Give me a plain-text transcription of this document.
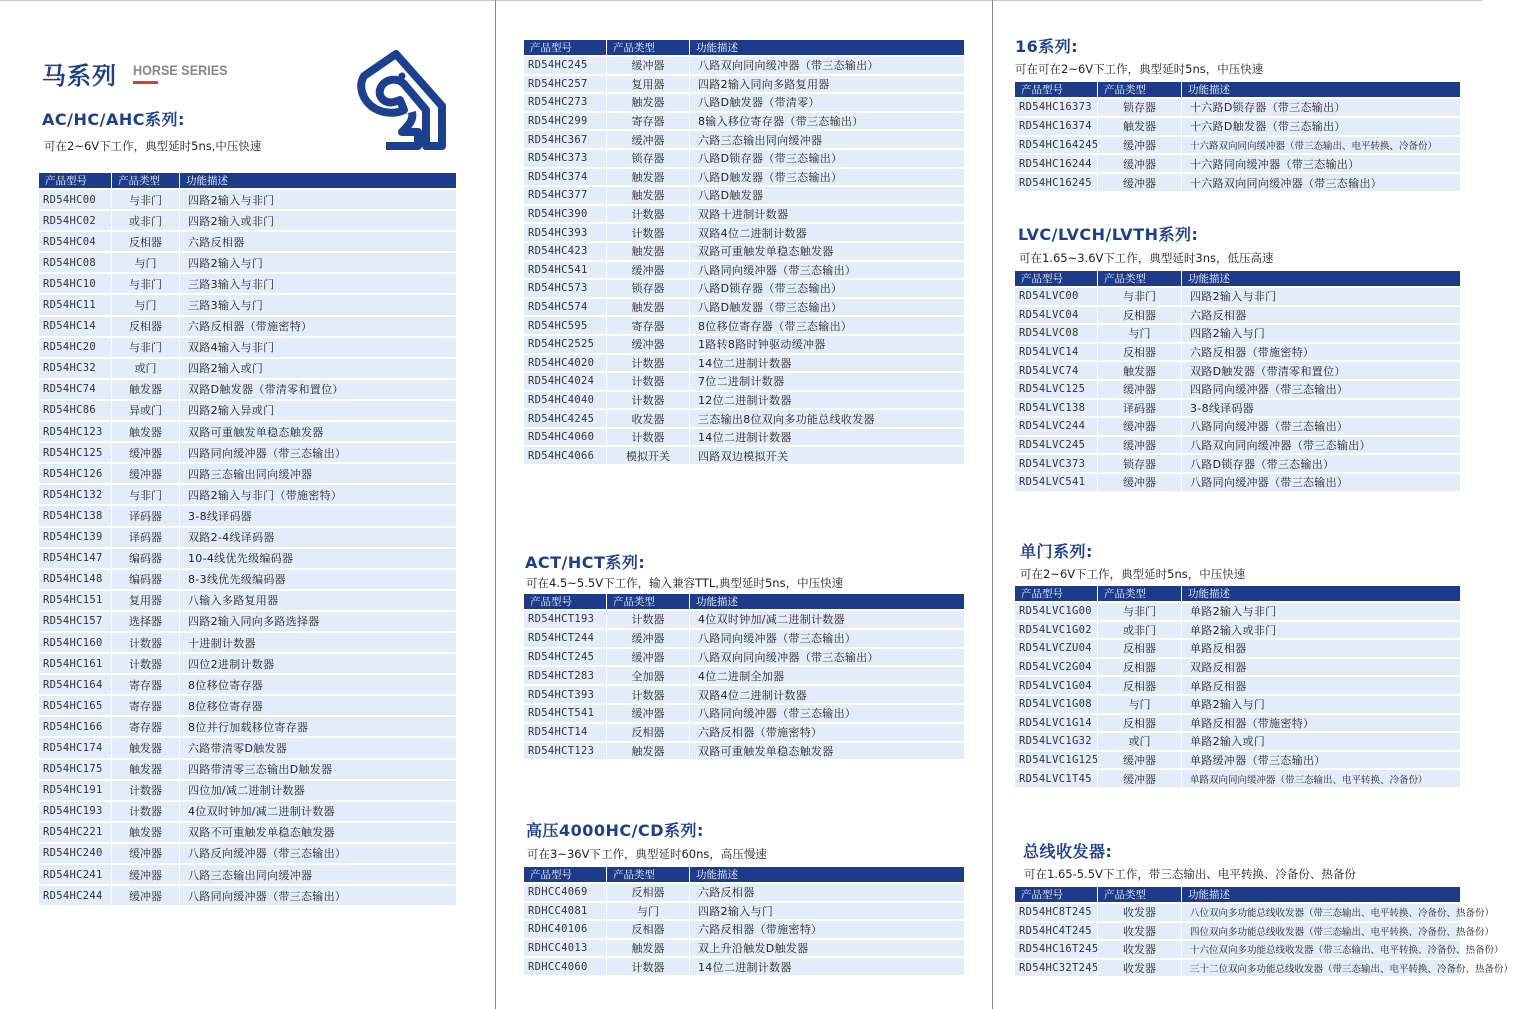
马系列 HORSE SERIES
AC/HC/AHC系列:
可在2~6V下工作，典型延时5ns,中压快速
ACT/HCT系列:
可在4.5~5.5V下工作，输入兼容TTL,典型延时5ns，中压快速
高压4000HC/CD系列:
可在3~36V下工作，典型延时60ns，高压慢速
16系列:
可在可在2~6V下工作，典型延时5ns，中压快速
LVC/LVCH/LVTH系列:
可在1.65~3.6V下工作，典型延时3ns，低压高速
单门系列:
可在2~6V下工作，典型延时5ns，中压快速
总线收发器:
可在1.65-5.5V下工作，带三态输出、电平转换、冷备份、热备份
产品型号	产品类型	功能描述
RD54HC00	与非门	四路2输入与非门
RD54HC02	或非门	四路2输入或非门
RD54HC04	反相器	六路反相器
RD54HC08	与门	四路2输入与门
RD54HC10	与非门	三路3输入与非门
RD54HC11	与门	三路3输入与门
RD54HC14	反相器	六路反相器（带施密特）
RD54HC20	与非门	双路4输入与非门
RD54HC32	或门	四路2输入或门
RD54HC74	触发器	双路D触发器（带清零和置位）
RD54HC86	异或门	四路2输入异或门
RD54HC123	触发器	双路可重触发单稳态触发器
RD54HC125	缓冲器	四路同向缓冲器（带三态输出）
RD54HC126	缓冲器	四路三态输出同向缓冲器
RD54HC132	与非门	四路2输入与非门（带施密特）
RD54HC138	译码器	3-8线译码器
RD54HC139	译码器	双路2-4线译码器
RD54HC147	编码器	10-4线优先级编码器
RD54HC148	编码器	8-3线优先级编码器
RD54HC151	复用器	八输入多路复用器
RD54HC157	选择器	四路2输入同向多路选择器
RD54HC160	计数器	十进制计数器
RD54HC161	计数器	四位2进制计数器
RD54HC164	寄存器	8位移位寄存器
RD54HC165	寄存器	8位移位寄存器
RD54HC166	寄存器	8位并行加载移位寄存器
RD54HC174	触发器	六路带清零D触发器
RD54HC175	触发器	四路带清零三态输出D触发器
RD54HC191	计数器	四位加/减二进制计数器
RD54HC193	计数器	4位双时钟加/减二进制计数器
RD54HC221	触发器	双路不可重触发单稳态触发器
RD54HC240	缓冲器	八路反向缓冲器（带三态输出）
RD54HC241	缓冲器	八路三态输出同向缓冲器
RD54HC244	缓冲器	八路同向缓冲器（带三态输出）
产品型号	产品类型	功能描述
RD54HC245	缓冲器	八路双向同向缓冲器（带三态输出）
RD54HC257	复用器	四路2输入同向多路复用器
RD54HC273	触发器	八路D触发器（带清零）
RD54HC299	寄存器	8输入移位寄存器（带三态输出）
RD54HC367	缓冲器	六路三态输出同向缓冲器
RD54HC373	锁存器	八路D锁存器（带三态输出）
RD54HC374	触发器	八路D触发器（带三态输出）
RD54HC377	触发器	八路D触发器
RD54HC390	计数器	双路十进制计数器
RD54HC393	计数器	双路4位二进制计数器
RD54HC423	触发器	双路可重触发单稳态触发器
RD54HC541	缓冲器	八路同向缓冲器（带三态输出）
RD54HC573	锁存器	八路D锁存器（带三态输出）
RD54HC574	触发器	八路D触发器（带三态输出）
RD54HC595	寄存器	8位移位寄存器（带三态输出）
RD54HC2525	缓冲器	1路转8路时钟驱动缓冲器
RD54HC4020	计数器	14位二进制计数器
RD54HC4024	计数器	7位二进制计数器
RD54HC4040	计数器	12位二进制计数器
RD54HC4245	收发器	三态输出8位双向多功能总线收发器
RD54HC4060	计数器	14位二进制计数器
RD54HC4066	模拟开关	四路双边模拟开关
产品型号	产品类型	功能描述
RD54HCT193	计数器	4位双时钟加/减二进制计数器
RD54HCT244	缓冲器	八路同向缓冲器（带三态输出）
RD54HCT245	缓冲器	八路双向同向缓冲器（带三态输出）
RD54HCT283	全加器	4位二进制全加器
RD54HCT393	计数器	双路4位二进制计数器
RD54HCT541	缓冲器	八路同向缓冲器（带三态输出）
RD54HCT14	反相器	六路反相器（带施密特）
RD54HCT123	触发器	双路可重触发单稳态触发器
产品型号	产品类型	功能描述
RDHCC4069	反相器	六路反相器
RDHCC4081	与门	四路2输入与门
RDHC40106	反相器	六路反相器（带施密特）
RDHCC4013	触发器	双上升沿触发D触发器
RDHCC4060	计数器	14位二进制计数器
产品型号	产品类型	功能描述
RD54HC16373	锁存器	十六路D锁存器（带三态输出）
RD54HC16374	触发器	十六路D触发器（带三态输出）
RD54HC164245	缓冲器	十六路双向同向缓冲器（带三态输出、电平转换、冷备份）
RD54HC16244	缓冲器	十六路同向缓冲器（带三态输出）
RD54HC16245	缓冲器	十六路双向同向缓冲器（带三态输出）
产品型号	产品类型	功能描述
RD54LVC00	与非门	四路2输入与非门
RD54LVC04	反相器	六路反相器
RD54LVC08	与门	四路2输入与门
RD54LVC14	反相器	六路反相器（带施密特）
RD54LVC74	触发器	双路D触发器（带清零和置位）
RD54LVC125	缓冲器	四路同向缓冲器（带三态输出）
RD54LVC138	译码器	3-8线译码器
RD54LVC244	缓冲器	八路同向缓冲器（带三态输出）
RD54LVC245	缓冲器	八路双向同向缓冲器（带三态输出）
RD54LVC373	锁存器	八路D锁存器（带三态输出）
RD54LVC541	缓冲器	八路同向缓冲器（带三态输出）
产品型号	产品类型	功能描述
RD54LVC1G00	与非门	单路2输入与非门
RD54LVC1G02	或非门	单路2输入或非门
RD54LVCZU04	反相器	单路反相器
RD54LVC2G04	反相器	双路反相器
RD54LVC1G04	反相器	单路反相器
RD54LVC1G08	与门	单路2输入与门
RD54LVC1G14	反相器	单路反相器（带施密特）
RD54LVC1G32	或门	单路2输入或门
RD54LVC1G125	缓冲器	单路缓冲器（带三态输出）
RD54LVC1T45	缓冲器	单路双向同向缓冲器（带三态输出、电平转换、冷备份）
产品型号	产品类型	功能描述
RD54HC8T245	收发器	八位双向多功能总线收发器（带三态输出、电平转换、冷备份、热备份）
RD54HC4T245	收发器	四位双向多功能总线收发器（带三态输出、电平转换、冷备份、热备份）
RD54HC16T245	收发器	十六位双向多功能总线收发器（带三态输出、电平转换、冷备份、热备份）
RD54HC32T245	收发器	三十二位双向多功能总线收发器（带三态输出、电平转换、冷备份、热备份）
